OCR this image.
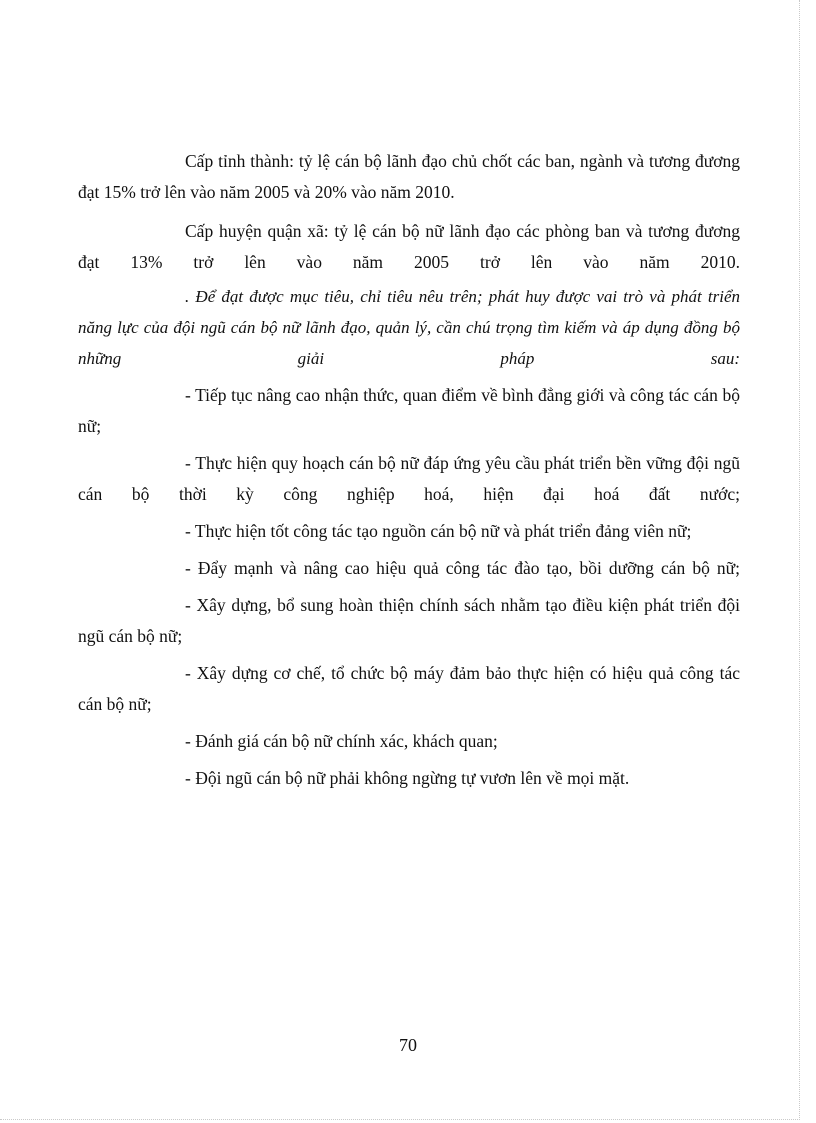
Cấp tỉnh thành: tỷ lệ cán bộ lãnh đạo chủ chốt các ban, ngành và tương đương đạt 15% trở lên vào năm 2005 và 20% vào năm 2010.

Cấp huyện quận xã: tỷ lệ cán bộ nữ lãnh đạo các phòng ban và tương đương đạt 13% trở lên vào năm 2005 trở lên vào năm 2010.

. Để đạt được mục tiêu, chỉ tiêu nêu trên; phát huy được vai trò và phát triển năng lực của đội ngũ cán bộ nữ lãnh đạo, quản lý, cần chú trọng tìm kiếm và áp dụng đồng bộ những giải pháp sau:

- Tiếp tục nâng cao nhận thức, quan điểm về bình đẳng giới và công tác cán bộ nữ;

- Thực hiện quy hoạch cán bộ nữ đáp ứng yêu cầu phát triển bền vững đội ngũ cán bộ thời kỳ công nghiệp hoá, hiện đại hoá đất nước;

- Thực hiện tốt công tác tạo nguồn cán bộ nữ và phát triển đảng viên nữ;

- Đẩy mạnh và nâng cao hiệu quả công tác đào tạo, bồi dưỡng cán bộ nữ;

- Xây dựng, bổ sung hoàn thiện chính sách nhằm tạo điều kiện phát triển đội ngũ cán bộ nữ;

- Xây dựng cơ chế, tổ chức bộ máy đảm bảo thực hiện có hiệu quả công tác cán bộ nữ;

- Đánh giá cán bộ nữ chính xác, khách quan;

- Đội ngũ cán bộ nữ phải không ngừng tự vươn lên về mọi mặt.

70
